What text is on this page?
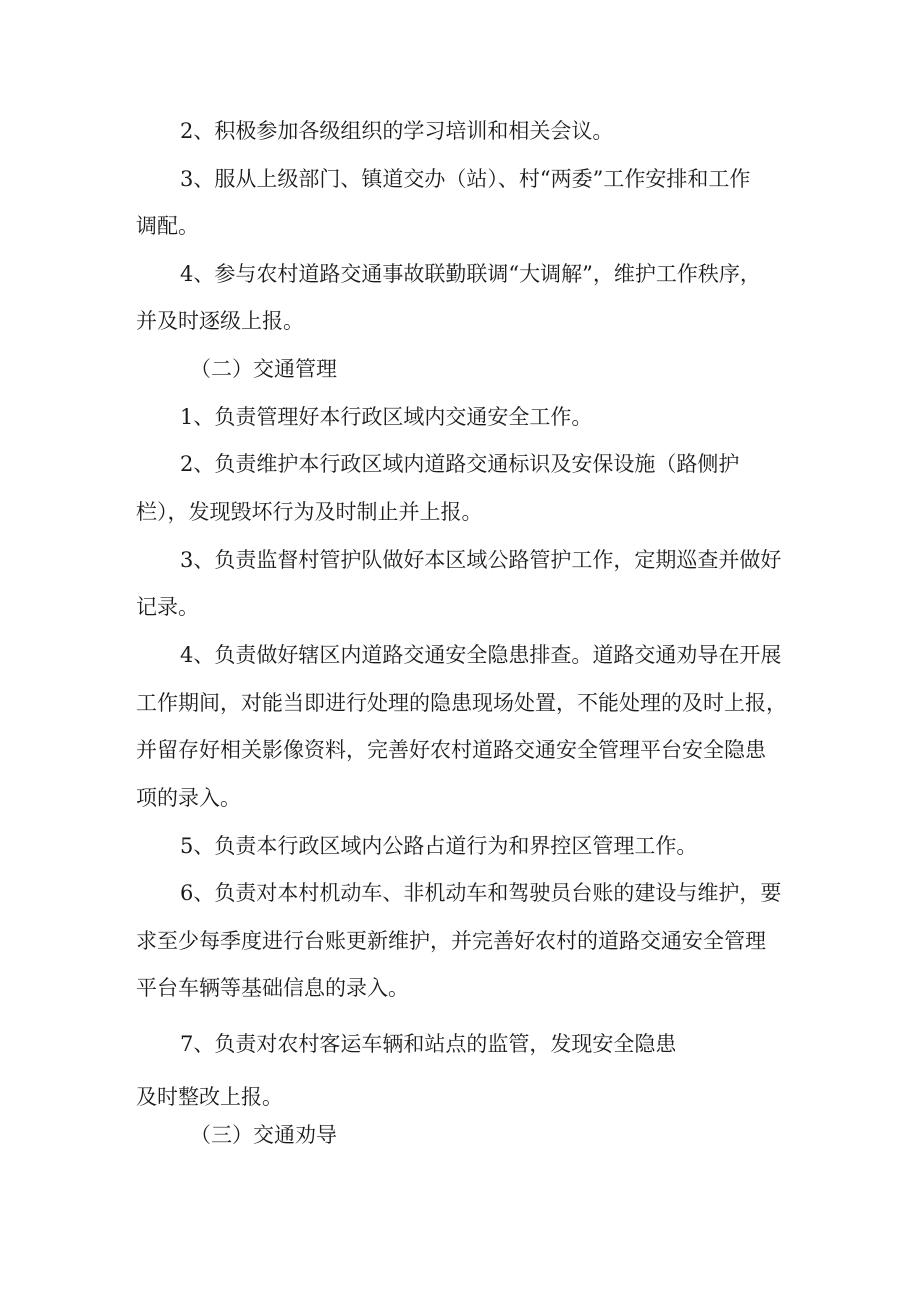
2、积极参加各级组织的学习培训和相关会议。
3、服从上级部门、镇道交办（站）、村“两委”工作安排和工作
调配。
4、参与农村道路交通事故联勤联调“大调解”，维护工作秩序，
并及时逐级上报。
（二）交通管理
1、负责管理好本行政区域内交通安全工作。
2、负责维护本行政区域内道路交通标识及安保设施（路侧护
栏），发现毁坏行为及时制止并上报。
3、负责监督村管护队做好本区域公路管护工作，定期巡查并做好
记录。
4、负责做好辖区内道路交通安全隐患排查。道路交通劝导在开展
工作期间，对能当即进行处理的隐患现场处置，不能处理的及时上报，
并留存好相关影像资料，完善好农村道路交通安全管理平台安全隐患
项的录入。
5、负责本行政区域内公路占道行为和界控区管理工作。
6、负责对本村机动车、非机动车和驾驶员台账的建设与维护，要
求至少每季度进行台账更新维护，并完善好农村的道路交通安全管理
平台车辆等基础信息的录入。
7、负责对农村客运车辆和站点的监管，发现安全隐患
及时整改上报。
（三）交通劝导
